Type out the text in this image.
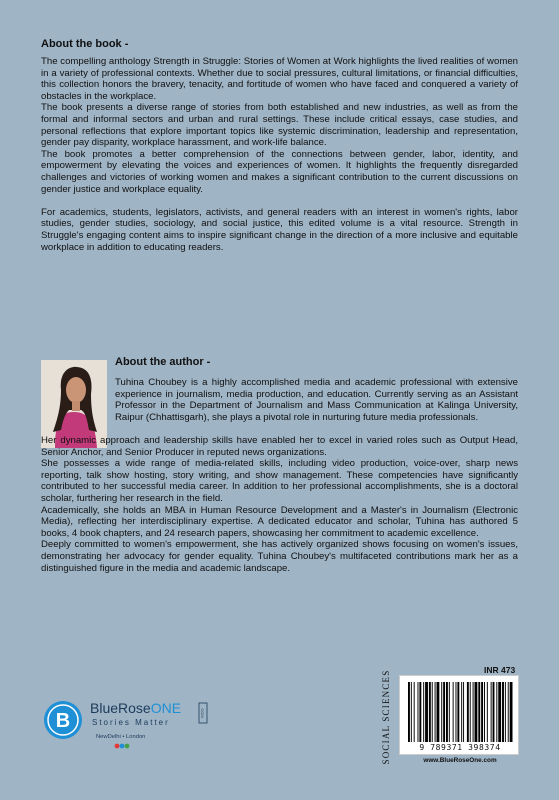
About the book -

The compelling anthology Strength in Struggle: Stories of Women at Work highlights the lived realities of women in a variety of professional contexts. Whether due to social pressures, cultural limitations, or financial difficulties, this collection honors the bravery, tenacity, and fortitude of women who have faced and conquered a variety of obstacles in the workplace.

The book presents a diverse range of stories from both established and new industries, as well as from the formal and informal sectors and urban and rural settings. These include critical essays, case studies, and personal reflections that explore important topics like systemic discrimination, leadership and representation, gender pay disparity, workplace harassment, and work-life balance.

The book promotes a better comprehension of the connections between gender, labor, identity, and empowerment by elevating the voices and experiences of women. It highlights the frequently disregarded challenges and victories of working women and makes a significant contribution to the current discussions on gender justice and workplace equality.

For academics, students, legislators, activists, and general readers with an interest in women's rights, labor studies, gender studies, sociology, and social justice, this edited volume is a vital resource. Strength in Struggle's engaging content aims to inspire significant change in the direction of a more inclusive and equitable workplace in addition to educating readers.

About the author -
Tuhina Choubey is a highly accomplished media and academic professional with extensive experience in journalism, media production, and education. Currently serving as an Assistant Professor in the Department of Journalism and Mass Communication at Kalinga University, Raipur (Chhattisgarh), she plays a pivotal role in nurturing future media professionals.

Her dynamic approach and leadership skills have enabled her to excel in varied roles such as Output Head, Senior Anchor, and Senior Producer in reputed news organizations.

She possesses a wide range of media-related skills, including video production, voice-over, sharp news reporting, talk show hosting, story writing, and show management. These competencies have significantly contributed to her successful media career. In addition to her professional accomplishments, she is a doctoral scholar, furthering her research in the field.

Academically, she holds an MBA in Human Resource Development and a Master's in Journalism (Electronic Media), reflecting her interdisciplinary expertise. A dedicated educator and scholar, Tuhina has authored 5 books, 4 book chapters, and 24 research papers, showcasing her commitment to academic excellence.

Deeply committed to women's empowerment, she has actively organized shows focusing on women's issues, demonstrating her advocacy for gender equality. Tuhina Choubey's multifaceted contributions mark her as a distinguished figure in the media and academic landscape.

B
BlueRoseONE	COM
Stories Matter
NewDelhi • London	SOCIAL SCIENCES	INR 473
9 789371 398374
www.BlueRoseOne.com
